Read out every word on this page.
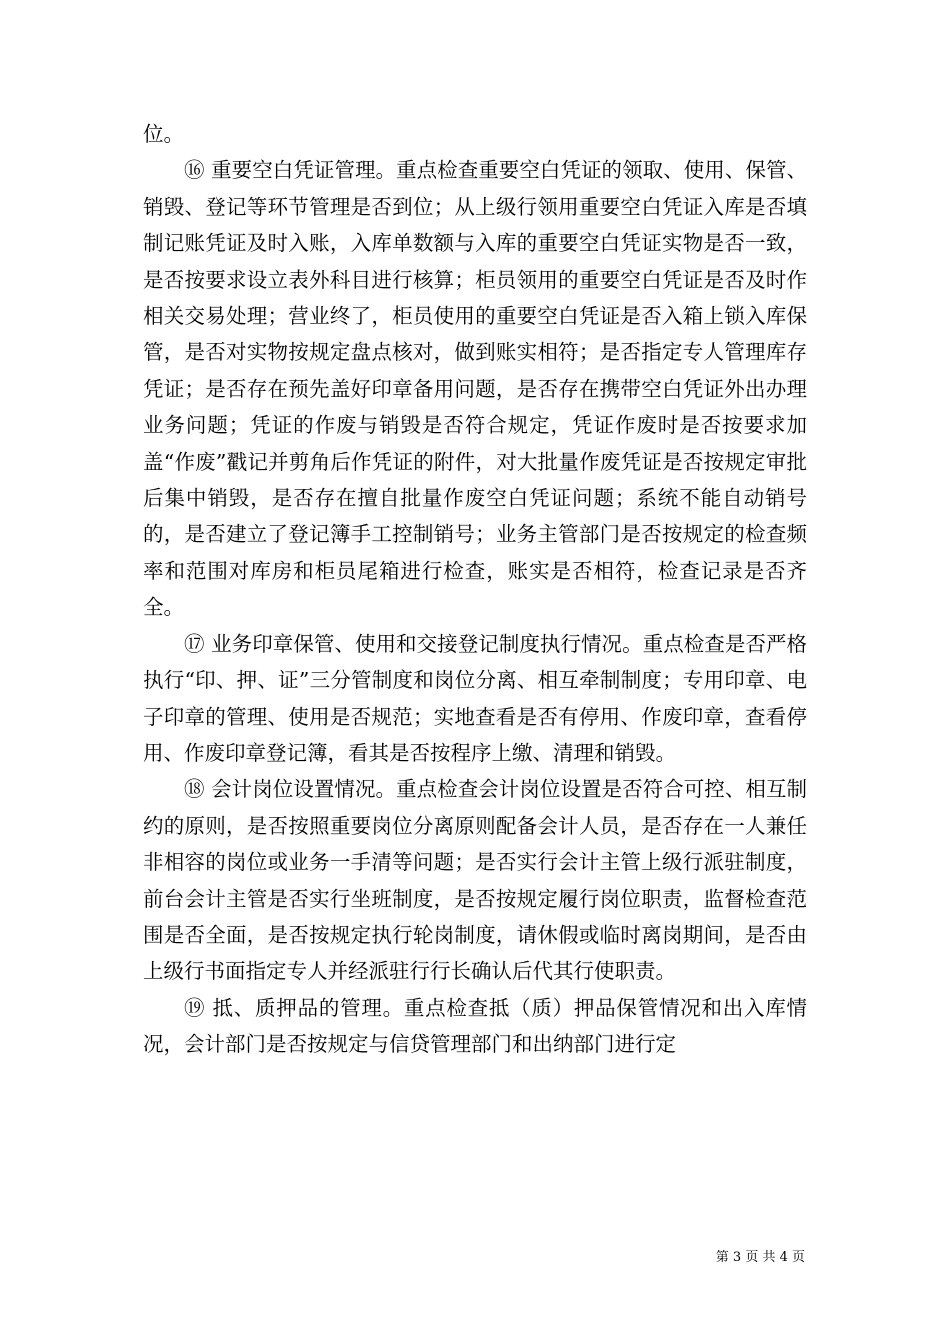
位。

⑯ 重要空白凭证管理。重点检查重要空白凭证的领取、使用、保管、销毁、登记等环节管理是否到位；从上级行领用重要空白凭证入库是否填制记账凭证及时入账，入库单数额与入库的重要空白凭证实物是否一致，是否按要求设立表外科目进行核算；柜员领用的重要空白凭证是否及时作相关交易处理；营业终了，柜员使用的重要空白凭证是否入箱上锁入库保管，是否对实物按规定盘点核对，做到账实相符；是否指定专人管理库存凭证；是否存在预先盖好印章备用问题，是否存在携带空白凭证外出办理业务问题；凭证的作废与销毁是否符合规定，凭证作废时是否按要求加盖“作废”戳记并剪角后作凭证的附件，对大批量作废凭证是否按规定审批后集中销毁，是否存在擅自批量作废空白凭证问题；系统不能自动销号的，是否建立了登记簿手工控制销号；业务主管部门是否按规定的检查频率和范围对库房和柜员尾箱进行检查，账实是否相符，检查记录是否齐全。

⑰ 业务印章保管、使用和交接登记制度执行情况。重点检查是否严格执行“印、押、证”三分管制度和岗位分离、相互牵制制度；专用印章、电子印章的管理、使用是否规范；实地查看是否有停用、作废印章，查看停用、作废印章登记簿，看其是否按程序上缴、清理和销毁。

⑱ 会计岗位设置情况。重点检查会计岗位设置是否符合可控、相互制约的原则，是否按照重要岗位分离原则配备会计人员，是否存在一人兼任非相容的岗位或业务一手清等问题；是否实行会计主管上级行派驻制度，前台会计主管是否实行坐班制度，是否按规定履行岗位职责，监督检查范围是否全面，是否按规定执行轮岗制度，请休假或临时离岗期间，是否由上级行书面指定专人并经派驻行行长确认后代其行使职责。

⑲ 抵、质押品的管理。重点检查抵（质）押品保管情况和出入库情况，会计部门是否按规定与信贷管理部门和出纳部门进行定

第 3 页 共 4 页
